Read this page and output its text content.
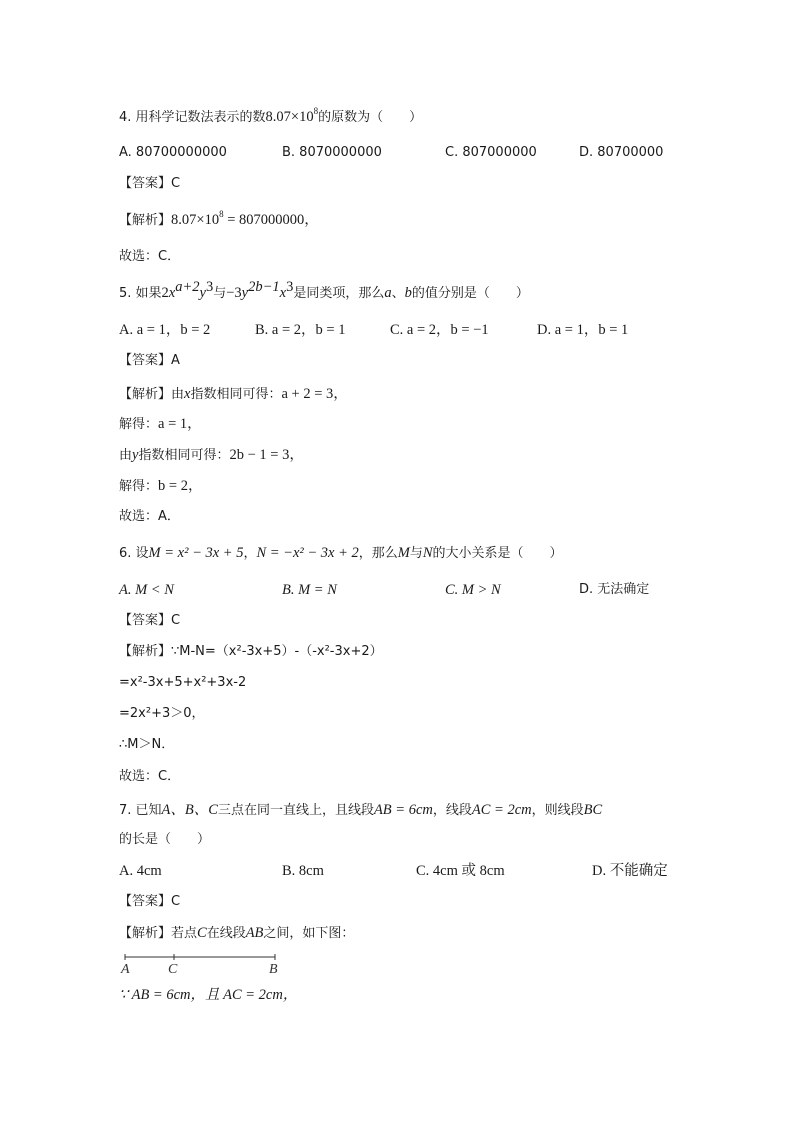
4. 用科学记数法表示的数$8.07\times 10^8$的原数为（　　）
A. 80700000000	B. 8070000000	C. 807000000	D. 80700000
【答案】C
【解析】$8.07\times 10^8 = 807000000$，
故选：C．
5. 如果$2x^{a+2}y^3$与$-3y^{2b-1}x^3$是同类项，那么a、b的值分别是（　　）
A. a = 1，b = 2	B. a = 2，b = 1	C. a = 2，b = −1	D. a = 1，b = 1
【答案】A
【解析】由x指数相同可得：a + 2 = 3，
解得：a = 1，
由y指数相同可得：2b − 1 = 3，
解得：b = 2，
故选：A．
6. 设M = x² − 3x + 5，N = −x² − 3x + 2，那么M与N的大小关系是（　　）
A. M < N	B. M = N	C. M > N	D. 无法确定
【答案】C
【解析】∵M-N=（x²-3x+5）-（-x²-3x+2）
=x²-3x+5+x²+3x-2
=2x²+3＞0，
∴M＞N．
故选：C．
7. 已知A、B、C三点在同一直线上，且线段AB = 6cm，线段AC = 2cm，则线段BC
的长是（　　）
A. 4cm	B. 8cm	C. 4cm 或 8cm	D. 不能确定
【答案】C
【解析】若点C在线段AB之间，如下图：
A	C	B
∵ AB = 6cm，且 AC = 2cm，
